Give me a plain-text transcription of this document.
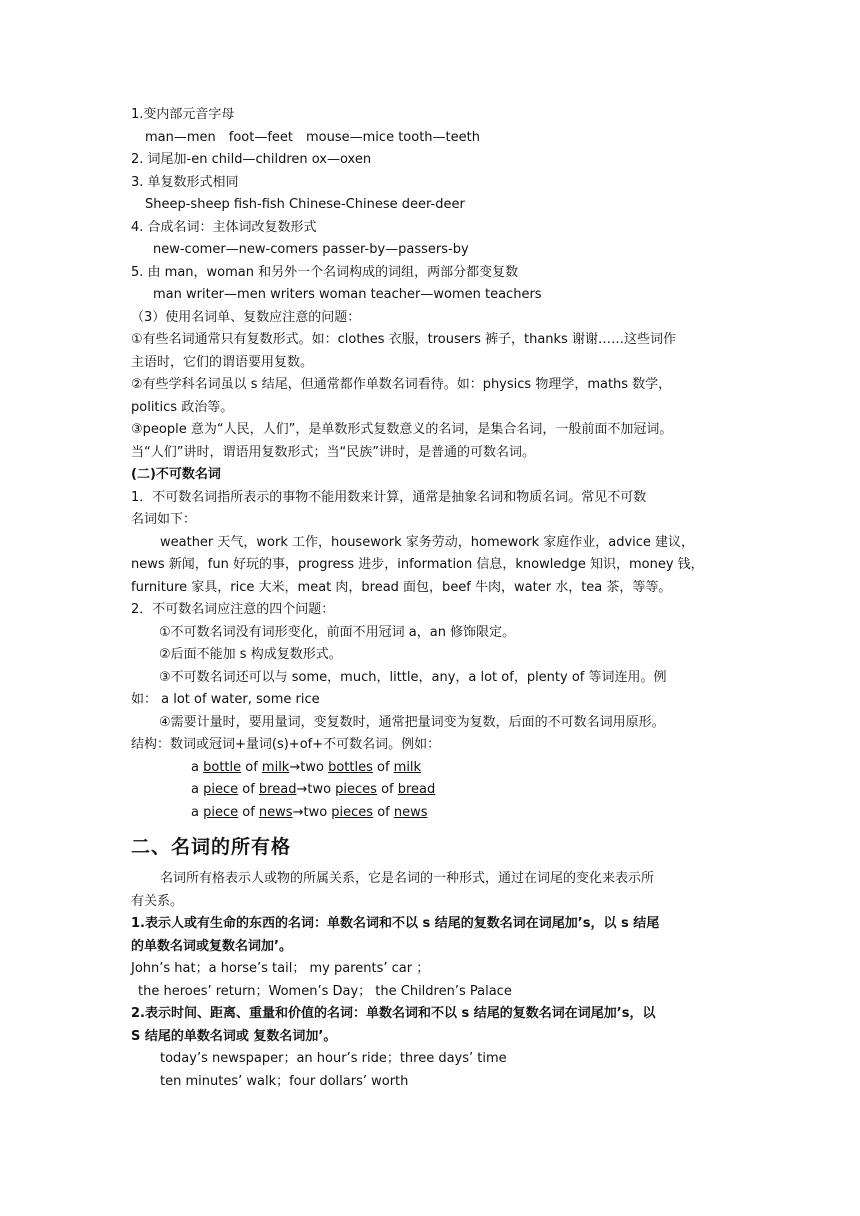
1.变内部元音字母
man—men　foot—feet　mouse—mice tooth—teeth
2. 词尾加-en child—children ox—oxen
3. 单复数形式相同
Sheep-sheep fish-fish Chinese-Chinese deer-deer
4. 合成名词：主体词改复数形式
new-comer—new-comers passer-by—passers-by
5. 由 man，woman 和另外一个名词构成的词组，两部分都变复数
man writer—men writers woman teacher—women teachers
（3）使用名词单、复数应注意的问题：
①有些名词通常只有复数形式。如：clothes 衣服，trousers 裤子，thanks 谢谢……这些词作
主语时，它们的谓语要用复数。
②有些学科名词虽以 s 结尾，但通常都作单数名词看待。如：physics 物理学，maths 数学，
politics 政治等。
③people 意为“人民，人们”，是单数形式复数意义的名词，是集合名词，一般前面不加冠词。
当“人们”讲时，谓语用复数形式；当“民族”讲时，是普通的可数名词。
(二)不可数名词
1．不可数名词指所表示的事物不能用数来计算，通常是抽象名词和物质名词。常见不可数
名词如下：
weather 天气，work 工作，housework 家务劳动，homework 家庭作业，advice 建议，
news 新闻，fun 好玩的事，progress 进步，information 信息，knowledge 知识，money 钱，
furniture 家具，rice 大米，meat 肉，bread 面包，beef 牛肉，water 水，tea 茶，等等。
2．不可数名词应注意的四个问题：
①不可数名词没有词形变化，前面不用冠词 a，an 修饰限定。
②后面不能加 s 构成复数形式。
③不可数名词还可以与 some，much，little，any，a lot of，plenty of 等词连用。例
如： a lot of water, some rice
④需要计量时，要用量词，变复数时，通常把量词变为复数，后面的不可数名词用原形。
结构：数词或冠词+量词(s)+of+不可数名词。例如：
a bottle of milk→two bottles of milk
a piece of bread→two pieces of bread
a piece of news→two pieces of news
二、名词的所有格
名词所有格表示人或物的所属关系，它是名词的一种形式，通过在词尾的变化来表示所
有关系。
1.表示人或有生命的东西的名词：单数名词和不以 s 结尾的复数名词在词尾加’s，以 s 结尾
的单数名词或复数名词加’。
John’s hat；a horse’s tail； my parents’ car ；
the heroes’ return；Women’s Day； the Children’s Palace
2.表示时间、距离、重量和价值的名词：单数名词和不以 s 结尾的复数名词在词尾加’s，以
S 结尾的单数名词或 复数名词加’。
today’s newspaper；an hour’s ride；three days’ time
ten minutes’ walk；four dollars’ worth
